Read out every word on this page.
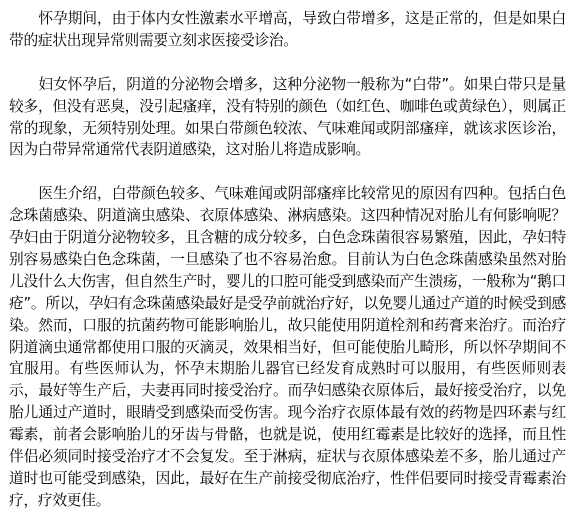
怀孕期间，由于体内女性激素水平增高，导致白带增多，这是正常的，但是如果白带的症状出现异常则需要立刻求医接受诊治。

妇女怀孕后，阴道的分泌物会增多，这种分泌物一般称为“白带”。如果白带只是量较多，但没有恶臭，没引起瘙痒，没有特别的颜色（如红色、咖啡色或黄绿色），则属正常的现象，无须特别处理。如果白带颜色较浓、气味难闻或阴部瘙痒，就该求医诊治，因为白带异常通常代表阴道感染，这对胎儿将造成影响。

医生介绍，白带颜色较多、气味难闻或阴部瘙痒比较常见的原因有四种。包括白色念珠菌感染、阴道滴虫感染、衣原体感染、淋病感染。这四种情况对胎儿有何影响呢？孕妇由于阴道分泌物较多，且含糖的成分较多，白色念珠菌很容易繁殖，因此，孕妇特别容易感染白色念珠菌，一旦感染了也不容易治愈。目前认为白色念珠菌感染虽然对胎儿没什么大伤害，但自然生产时，婴儿的口腔可能受到感染而产生溃疡，一般称为“鹅口疮”。所以，孕妇有念珠菌感染最好是受孕前就治疗好，以免婴儿通过产道的时候受到感染。然而，口服的抗菌药物可能影响胎儿，故只能使用阴道栓剂和药膏来治疗。而治疗阴道滴虫通常都使用口服的灭滴灵，效果相当好，但可能使胎儿畸形，所以怀孕期间不宜服用。有些医师认为，怀孕末期胎儿器官已经发育成熟时可以服用，有些医师则表示，最好等生产后，夫妻再同时接受治疗。而孕妇感染衣原体后，最好接受治疗，以免胎儿通过产道时，眼睛受到感染而受伤害。现今治疗衣原体最有效的药物是四环素与红霉素，前者会影响胎儿的牙齿与骨骼，也就是说，使用红霉素是比较好的选择，而且性伴侣必须同时接受治疗才不会复发。至于淋病，症状与衣原体感染差不多，胎儿通过产道时也可能受到感染，因此，最好在生产前接受彻底治疗，性伴侣要同时接受青霉素治疗，疗效更佳。
